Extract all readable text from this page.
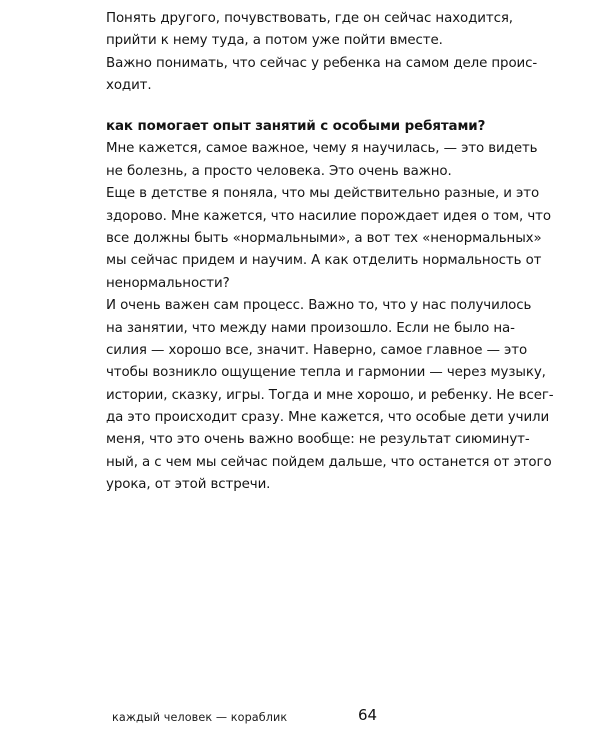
Понять другого, почувствовать, где он сейчас находится,
прийти к нему туда, а потом уже пойти вместе.
Важно понимать, что сейчас у ребенка на самом деле проис-
ходит.
как помогает опыт занятий с особыми ребятами?
Мне кажется, самое важное, чему я научилась, — это видеть
не болезнь, а просто человека. Это очень важно.
Еще в детстве я поняла, что мы действительно разные, и это
здорово. Мне кажется, что насилие порождает идея о том, что
все должны быть «нормальными», а вот тех «ненормальных»
мы сейчас придем и научим. А как отделить нормальность от
ненормальности?
И очень важен сам процесс. Важно то, что у нас получилось
на занятии, что между нами произошло. Если не было на-
силия — хорошо все, значит. Наверно, самое главное — это
чтобы возникло ощущение тепла и гармонии — через музыку,
истории, сказку, игры. Тогда и мне хорошо, и ребенку. Не всег-
да это происходит сразу. Мне кажется, что особые дети учили
меня, что это очень важно вообще: не результат сиюминут-
ный, а с чем мы сейчас пойдем дальше, что останется от этого
урока, от этой встречи.
каждый человек — кораблик	64
